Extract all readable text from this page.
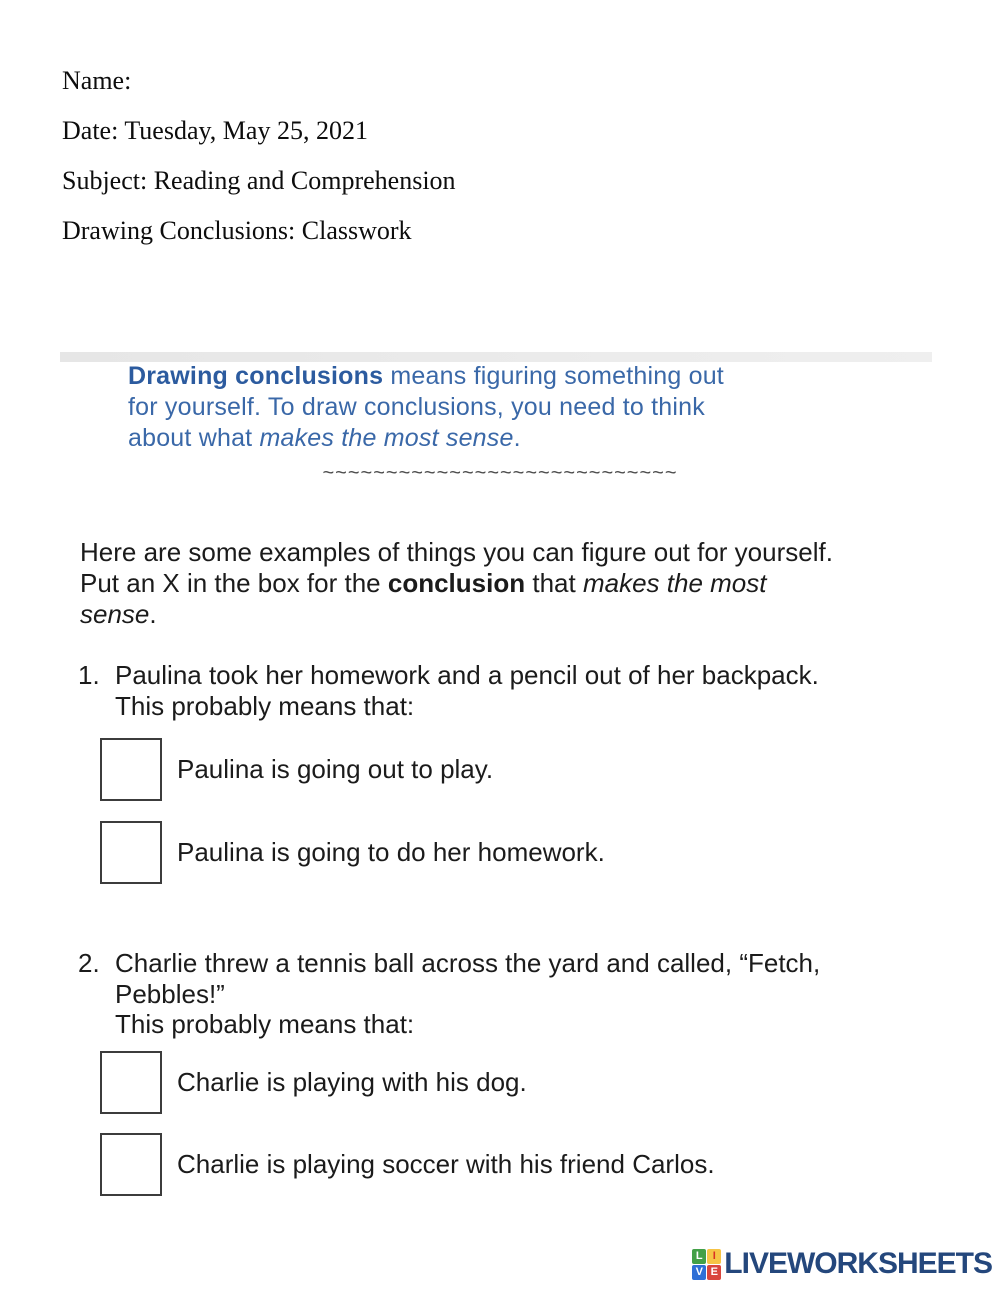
Name:
Date: Tuesday, May 25, 2021
Subject: Reading and Comprehension
Drawing Conclusions: Classwork
Drawing conclusions means figuring something out
for yourself. To draw conclusions, you need to think
about what makes the most sense.
~~~~~~~~~~~~~~~~~~~~~~~~~~~~
Here are some examples of things you can figure out for yourself.
Put an X in the box for the conclusion that makes the most
sense.
1. Paulina took her homework and a pencil out of her backpack.
This probably means that:
Paulina is going out to play.
Paulina is going to do her homework.
2. Charlie threw a tennis ball across the yard and called, “Fetch,
Pebbles!”
This probably means that:
Charlie is playing with his dog.
Charlie is playing soccer with his friend Carlos.
L I
V E LIVEWORKSHEETS
